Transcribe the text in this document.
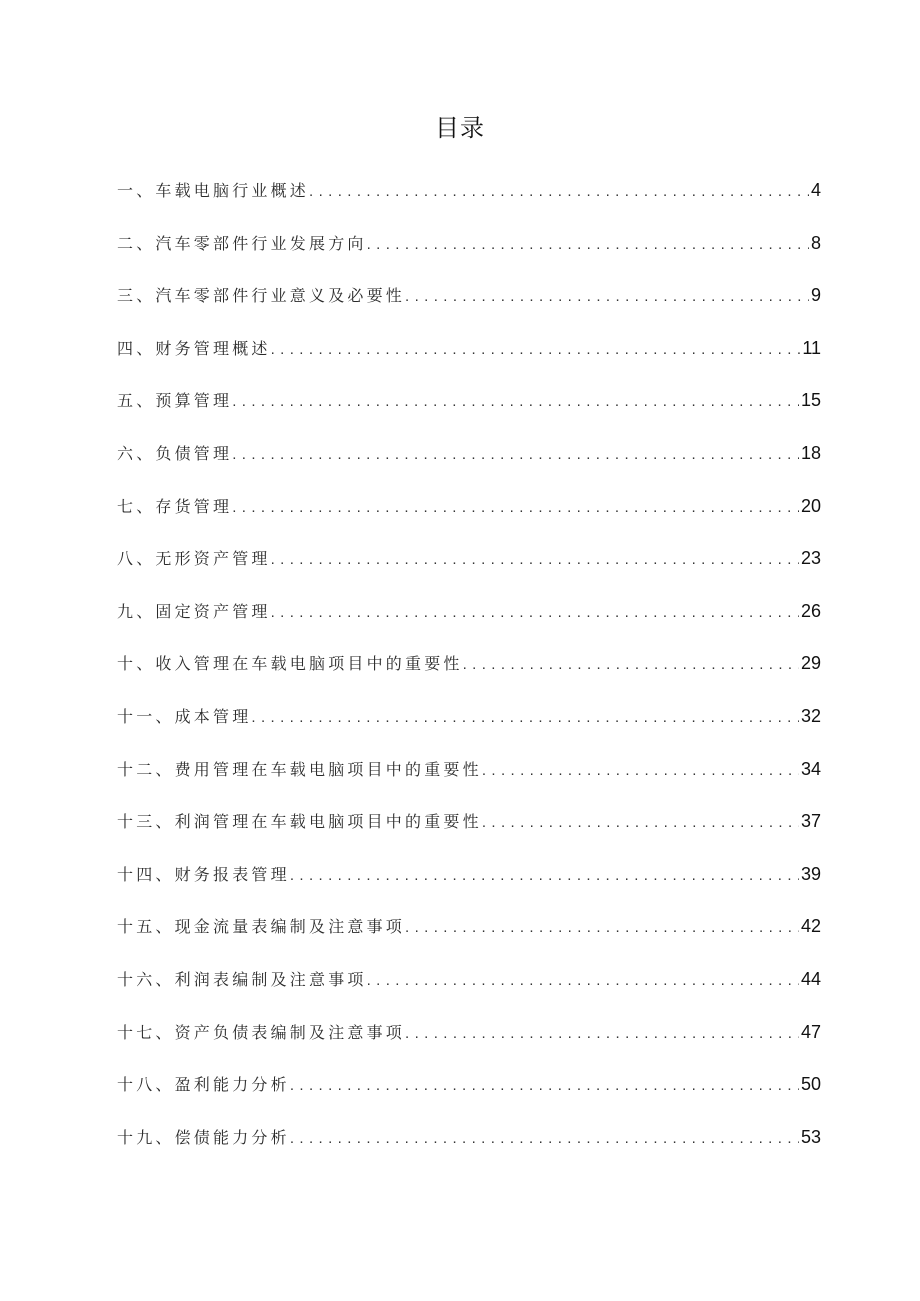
目录
一、车载电脑行业概述 .....	4
二、汽车零部件行业发展方向 .....	8
三、汽车零部件行业意义及必要性 .....	9
四、财务管理概述 .....	11
五、预算管理 .....	15
六、负债管理 .....	18
七、存货管理 .....	20
八、无形资产管理 .....	23
九、固定资产管理 .....	26
十、收入管理在车载电脑项目中的重要性 .....	29
十一、成本管理 .....	32
十二、费用管理在车载电脑项目中的重要性 .....	34
十三、利润管理在车载电脑项目中的重要性 .....	37
十四、财务报表管理 .....	39
十五、现金流量表编制及注意事项 .....	42
十六、利润表编制及注意事项 .....	44
十七、资产负债表编制及注意事项 .....	47
十八、盈利能力分析 .....	50
十九、偿债能力分析 .....	53
